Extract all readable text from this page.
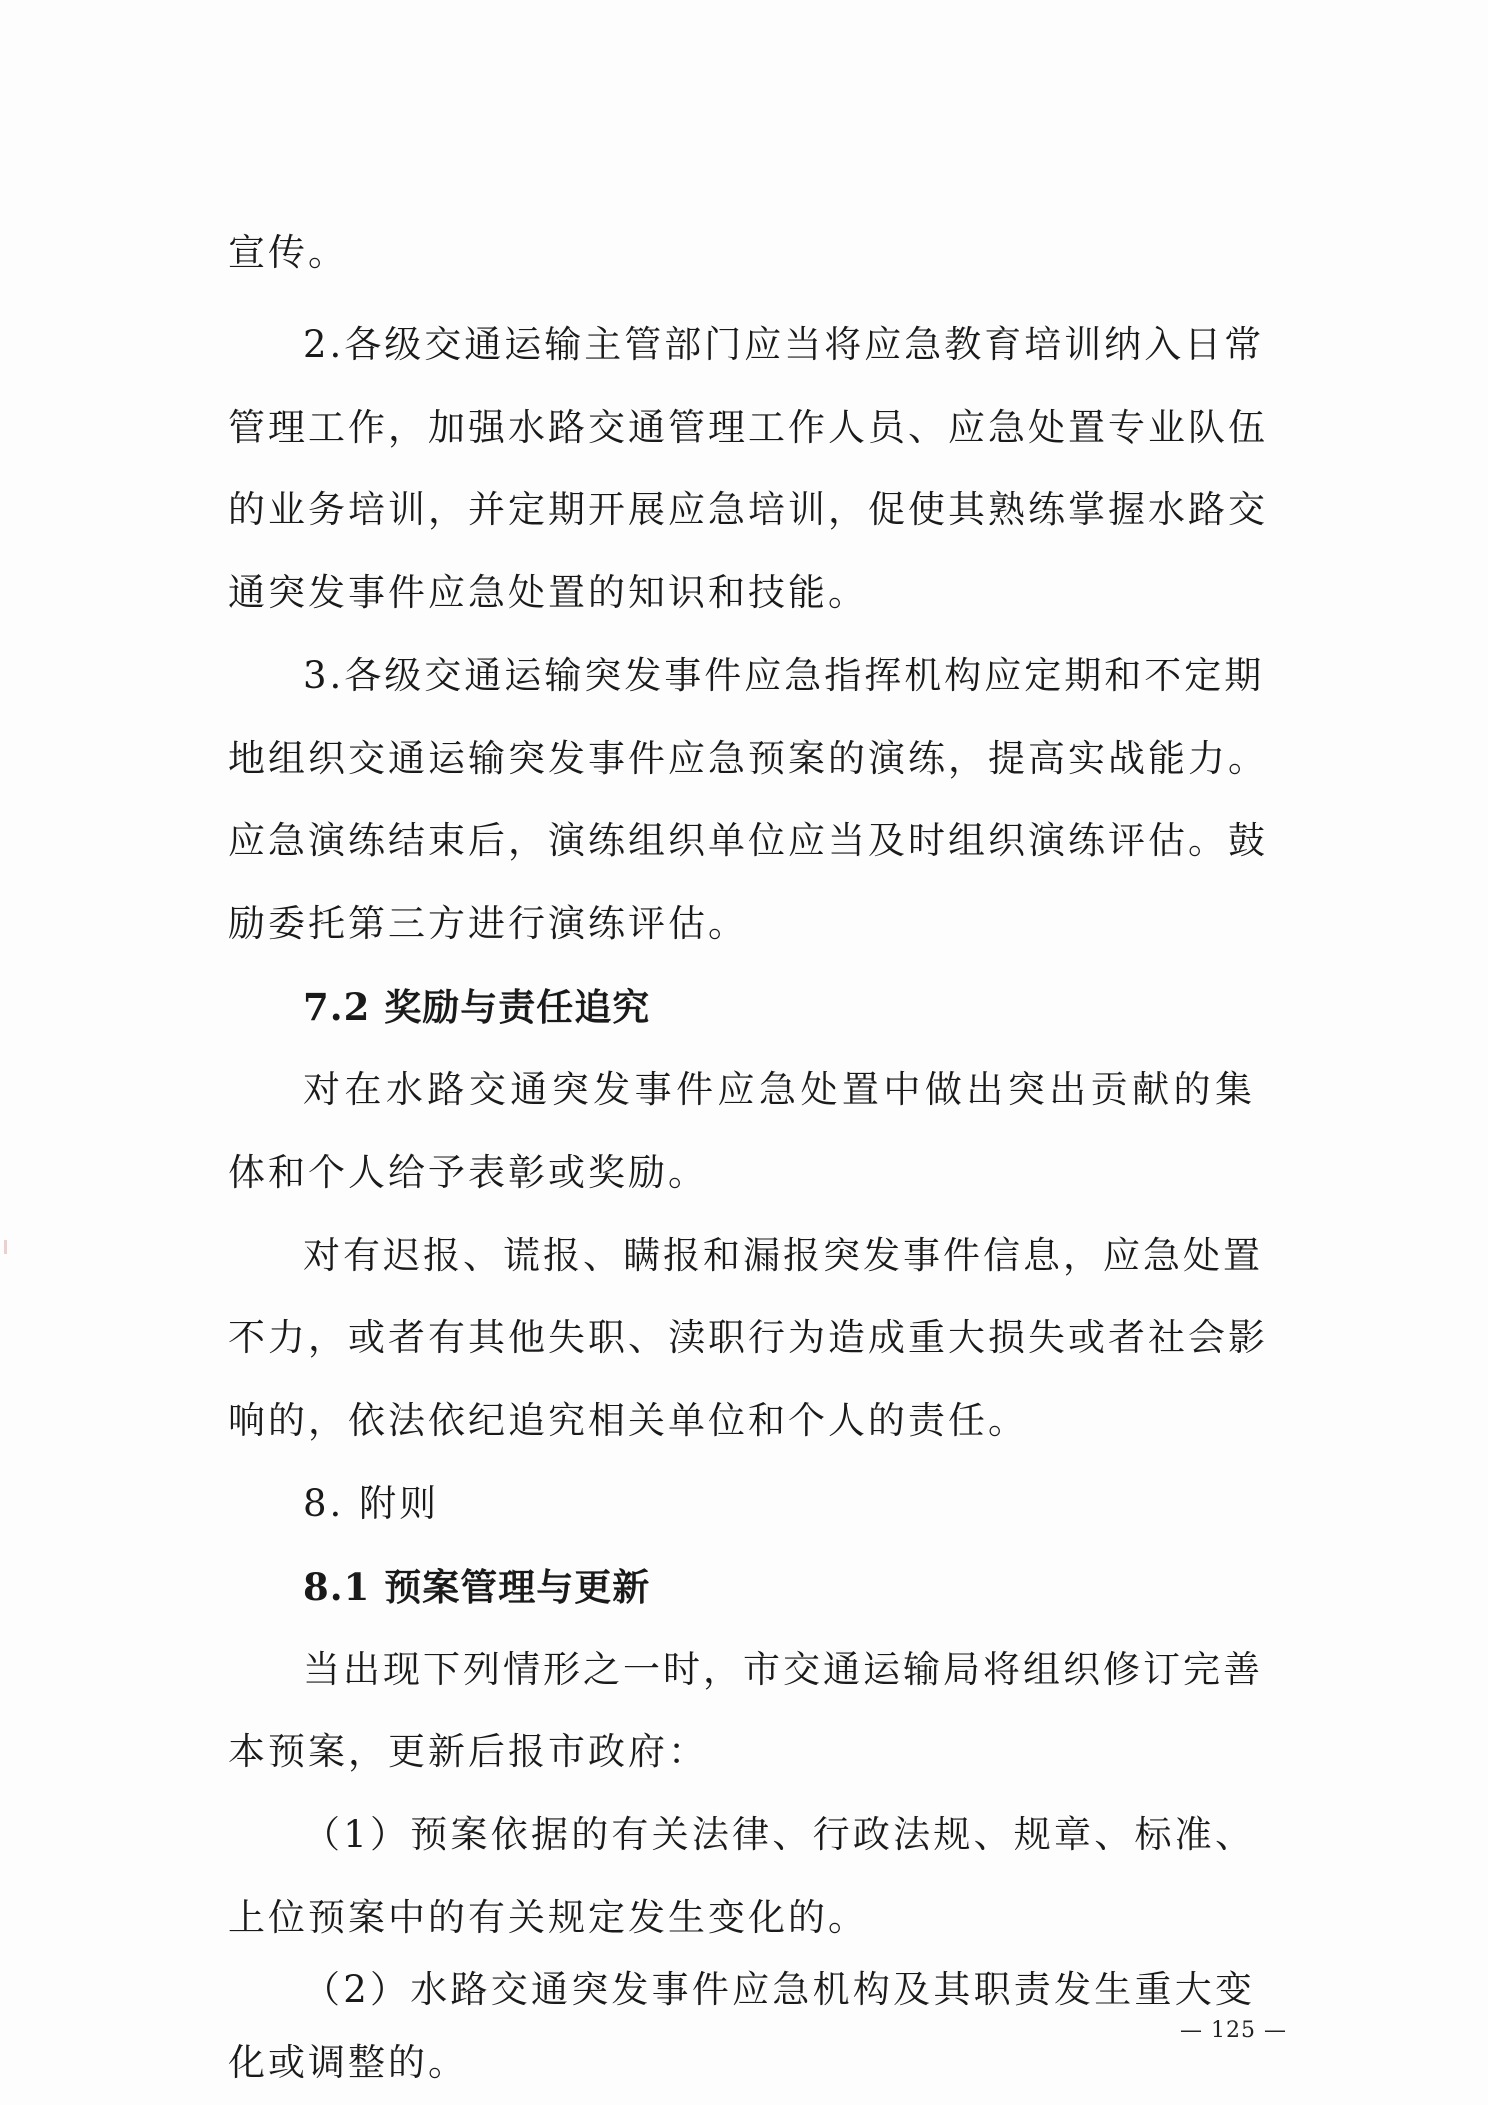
宣传。
2.各级交通运输主管部门应当将应急教育培训纳入日常
管理工作，加强水路交通管理工作人员、应急处置专业队伍
的业务培训，并定期开展应急培训，促使其熟练掌握水路交
通突发事件应急处置的知识和技能。
3.各级交通运输突发事件应急指挥机构应定期和不定期
地组织交通运输突发事件应急预案的演练，提高实战能力。
应急演练结束后，演练组织单位应当及时组织演练评估。鼓
励委托第三方进行演练评估。
7.2 奖励与责任追究
对在水路交通突发事件应急处置中做出突出贡献的集
体和个人给予表彰或奖励。
对有迟报、谎报、瞒报和漏报突发事件信息，应急处置
不力，或者有其他失职、渎职行为造成重大损失或者社会影
响的，依法依纪追究相关单位和个人的责任。
8. 附则
8.1 预案管理与更新
当出现下列情形之一时，市交通运输局将组织修订完善
本预案，更新后报市政府：
（1）预案依据的有关法律、行政法规、规章、标准、
上位预案中的有关规定发生变化的。
（2）水路交通突发事件应急机构及其职责发生重大变
化或调整的。
— 125 —
